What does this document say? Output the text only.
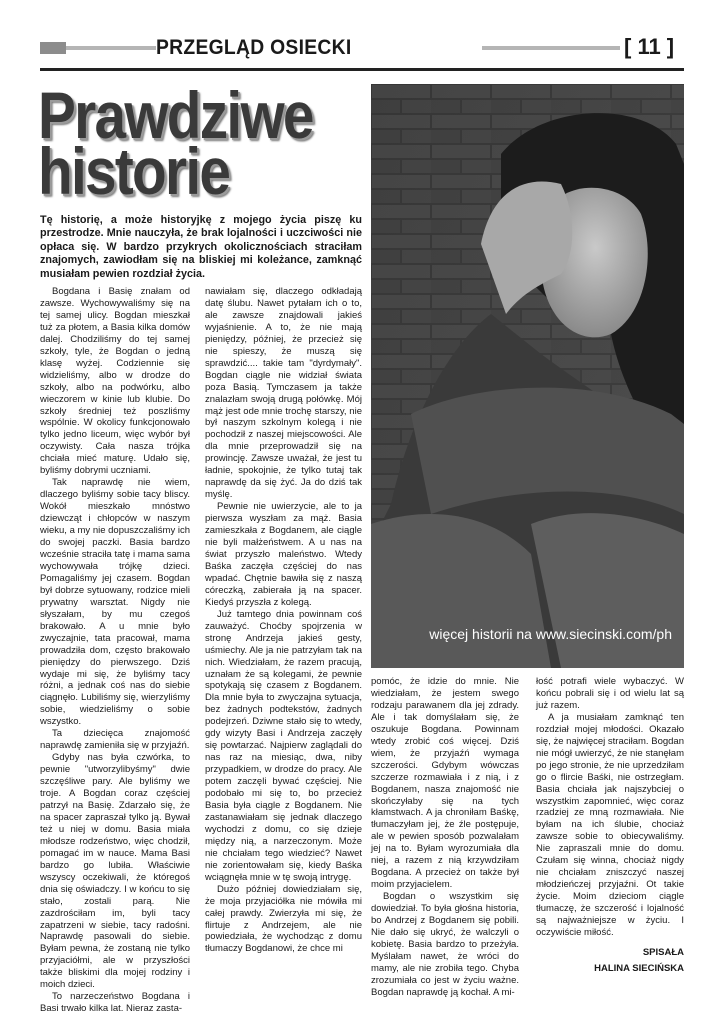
PRZEGLĄD OSIECKI	[ 11 ]
Prawdziwe
historie
Tę historię, a może historyjkę z mojego życia piszę ku przestrodze. Mnie nauczyła, że brak lojalności i uczciwości nie opłaca się. W bardzo przykrych okolicznościach straciłam znajomych, zawiodłam się na bliskiej mi koleżance, zamknąć musiałam pewien rozdział życia.

Bogdana i Basię znałam od zawsze. Wychowywaliśmy się na tej samej ulicy. Bogdan mieszkał tuż za płotem, a Basia kilka domów dalej. Chodziliśmy do tej samej szkoły, tyle, że Bogdan o jedną klasę wyżej. Codziennie się widzieliśmy, albo w drodze do szkoły, albo na podwórku, albo wieczorem w kinie lub klubie. Do szkoły średniej też poszliśmy wspólnie. W okolicy funkcjonowało tylko jedno liceum, więc wybór był oczywisty. Cała nasza trójka chciała mieć maturę. Udało się, byliśmy dobrymi uczniami.

Tak naprawdę nie wiem, dlaczego byliśmy sobie tacy bliscy. Wokół mieszkało mnóstwo dziewcząt i chłopców w naszym wieku, a my nie dopuszczaliśmy ich do swojej paczki. Basia bardzo wcześnie straciła tatę i mama sama wychowywała trójkę dzieci. Pomagaliśmy jej czasem. Bogdan był dobrze sytuowany, rodzice mieli prywatny warsztat. Nigdy nie słyszałam, by mu czegoś brakowało. A u mnie było zwyczajnie, tata pracował, mama prowadziła dom, często brakowało pieniędzy do pierwszego. Dziś wydaje mi się, że byliśmy tacy różni, a jednak coś nas do siebie ciągnęło. Lubiliśmy się, wierzyliśmy sobie, wiedzieliśmy o sobie wszystko.

Ta dziecięca znajomość naprawdę zamieniła się w przyjaźń.

Gdyby nas była czwórka, to pewnie "utworzylibyśmy" dwie szczęśliwe pary. Ale byliśmy we troje. A Bogdan coraz częściej patrzył na Basię. Zdarzało się, że na spacer zapraszał tylko ją. Bywał też u niej w domu. Basia miała młodsze rodzeństwo, więc chodził, pomagać im w nauce. Mama Basi bardzo go lubiła. Właściwie wszyscy oczekiwali, że któregoś dnia się oświadczy. I w końcu to się stało, zostali parą. Nie zazdrościłam im, byli tacy zapatrzeni w siebie, tacy radośni. Naprawdę pasowali do siebie. Byłam pewna, że zostaną nie tylko przyjaciółmi, ale w przyszłości także bliskimi dla mojej rodziny i moich dzieci.

To narzeczeństwo Bogdana i Basi trwało kilka lat. Nieraz zasta-

nawiałam się, dlaczego odkładają datę ślubu. Nawet pytałam ich o to, ale zawsze znajdowali jakieś wyjaśnienie. A to, że nie mają pieniędzy, później, że przecież się nie spieszy, że muszą się sprawdzić.... takie tam "dyrdymały". Bogdan ciągle nie widział świata poza Basią. Tymczasem ja także znalazłam swoją drugą połówkę. Mój mąż jest ode mnie trochę starszy, nie był naszym szkolnym kolegą i nie pochodził z naszej miejscowości. Ale dla mnie przeprowadził się na prowincję. Zawsze uważał, że jest tu ładnie, spokojnie, że tylko tutaj tak naprawdę da się żyć. Ja do dziś tak myślę.

Pewnie nie uwierzycie, ale to ja pierwsza wyszłam za mąż. Basia zamieszkała z Bogdanem, ale ciągle nie byli małżeństwem. A u nas na świat przyszło maleństwo. Wtedy Baśka zaczęła częściej do nas wpadać. Chętnie bawiła się z naszą córeczką, zabierała ją na spacer. Kiedyś przyszła z kolegą.

Już tamtego dnia powinnam coś zauważyć. Choćby spojrzenia w stronę Andrzeja jakieś gesty, uśmiechy. Ale ja nie patrzyłam tak na nich. Wiedziałam, że razem pracują, uznałam że są kolegami, że pewnie spotykają się czasem z Bogdanem. Dla mnie była to zwyczajna sytuacja, bez żadnych podtekstów, żadnych podejrzeń. Dziwne stało się to wtedy, gdy wizyty Basi i Andrzeja zaczęły się powtarzać. Najpierw zaglądali do nas raz na miesiąc, dwa, niby przypadkiem, w drodze do pracy. Ale potem zaczęli bywać częściej. Nie podobało mi się to, bo przecież Basia była ciągle z Bogdanem. Nie zastanawiałam się jednak dlaczego wychodzi z domu, co się dzieje między nią, a narzeczonym. Może nie chciałam tego wiedzieć? Nawet nie zorientowałam się, kiedy Baśka wciągnęła mnie w tę swoją intrygę.

Dużo później dowiedziałam się, że moja przyjaciółka nie mówiła mi całej prawdy. Zwierzyła mi się, że flirtuje z Andrzejem, ale nie powiedziała, że wychodząc z domu tłumaczy Bogdanowi, że chce mi

więcej historii na www.siecinski.com/ph

pomóc, że idzie do mnie. Nie wiedziałam, że jestem swego rodzaju parawanem dla jej zdrady. Ale i tak domyślałam się, że oszukuje Bogdana. Powinnam wtedy zrobić coś więcej. Dziś wiem, że przyjaźń wymaga szczerości. Gdybym wówczas szczerze rozmawiała i z nią, i z Bogdanem, nasza znajomość nie skończyłaby się na tych kłamstwach. A ja chroniłam Baśkę, tłumaczyłam jej, że źle postępuje, ale w pewien sposób pozwalałam jej na to. Byłam wyrozumiała dla niej, a razem z nią krzywdziłam Bogdana. A przecież on także był moim przyjacielem.

Bogdan o wszystkim się dowiedział. To była głośna historia, bo Andrzej z Bogdanem się pobili. Nie dało się ukryć, że walczyli o kobietę. Basia bardzo to przeżyła. Myślałam nawet, że wróci do mamy, ale nie zrobiła tego. Chyba zrozumiała co jest w życiu ważne. Bogdan naprawdę ją kochał. A mi-

łość potrafi wiele wybaczyć. W końcu pobrali się i od wielu lat są już razem.

A ja musiałam zamknąć ten rozdział mojej młodości. Okazało się, że najwięcej straciłam. Bogdan nie mógł uwierzyć, że nie stanęłam po jego stronie, że nie uprzedziłam go o flircie Baśki, nie ostrzegłam. Basia chciała jak najszybciej o wszystkim zapomnieć, więc coraz rzadziej ze mną rozmawiała. Nie byłam na ich ślubie, chociaż zawsze sobie to obiecywaliśmy. Nie zapraszali mnie do domu. Czułam się winna, chociaż nigdy nie chciałam zniszczyć naszej młodzieńczej przyjaźni. Ot takie życie. Moim dzieciom ciągle tłumaczę, że szczerość i lojalność są najważniejsze w życiu. I oczywiście miłość.

SPISAŁA
HALINA SIECIŃSKA
